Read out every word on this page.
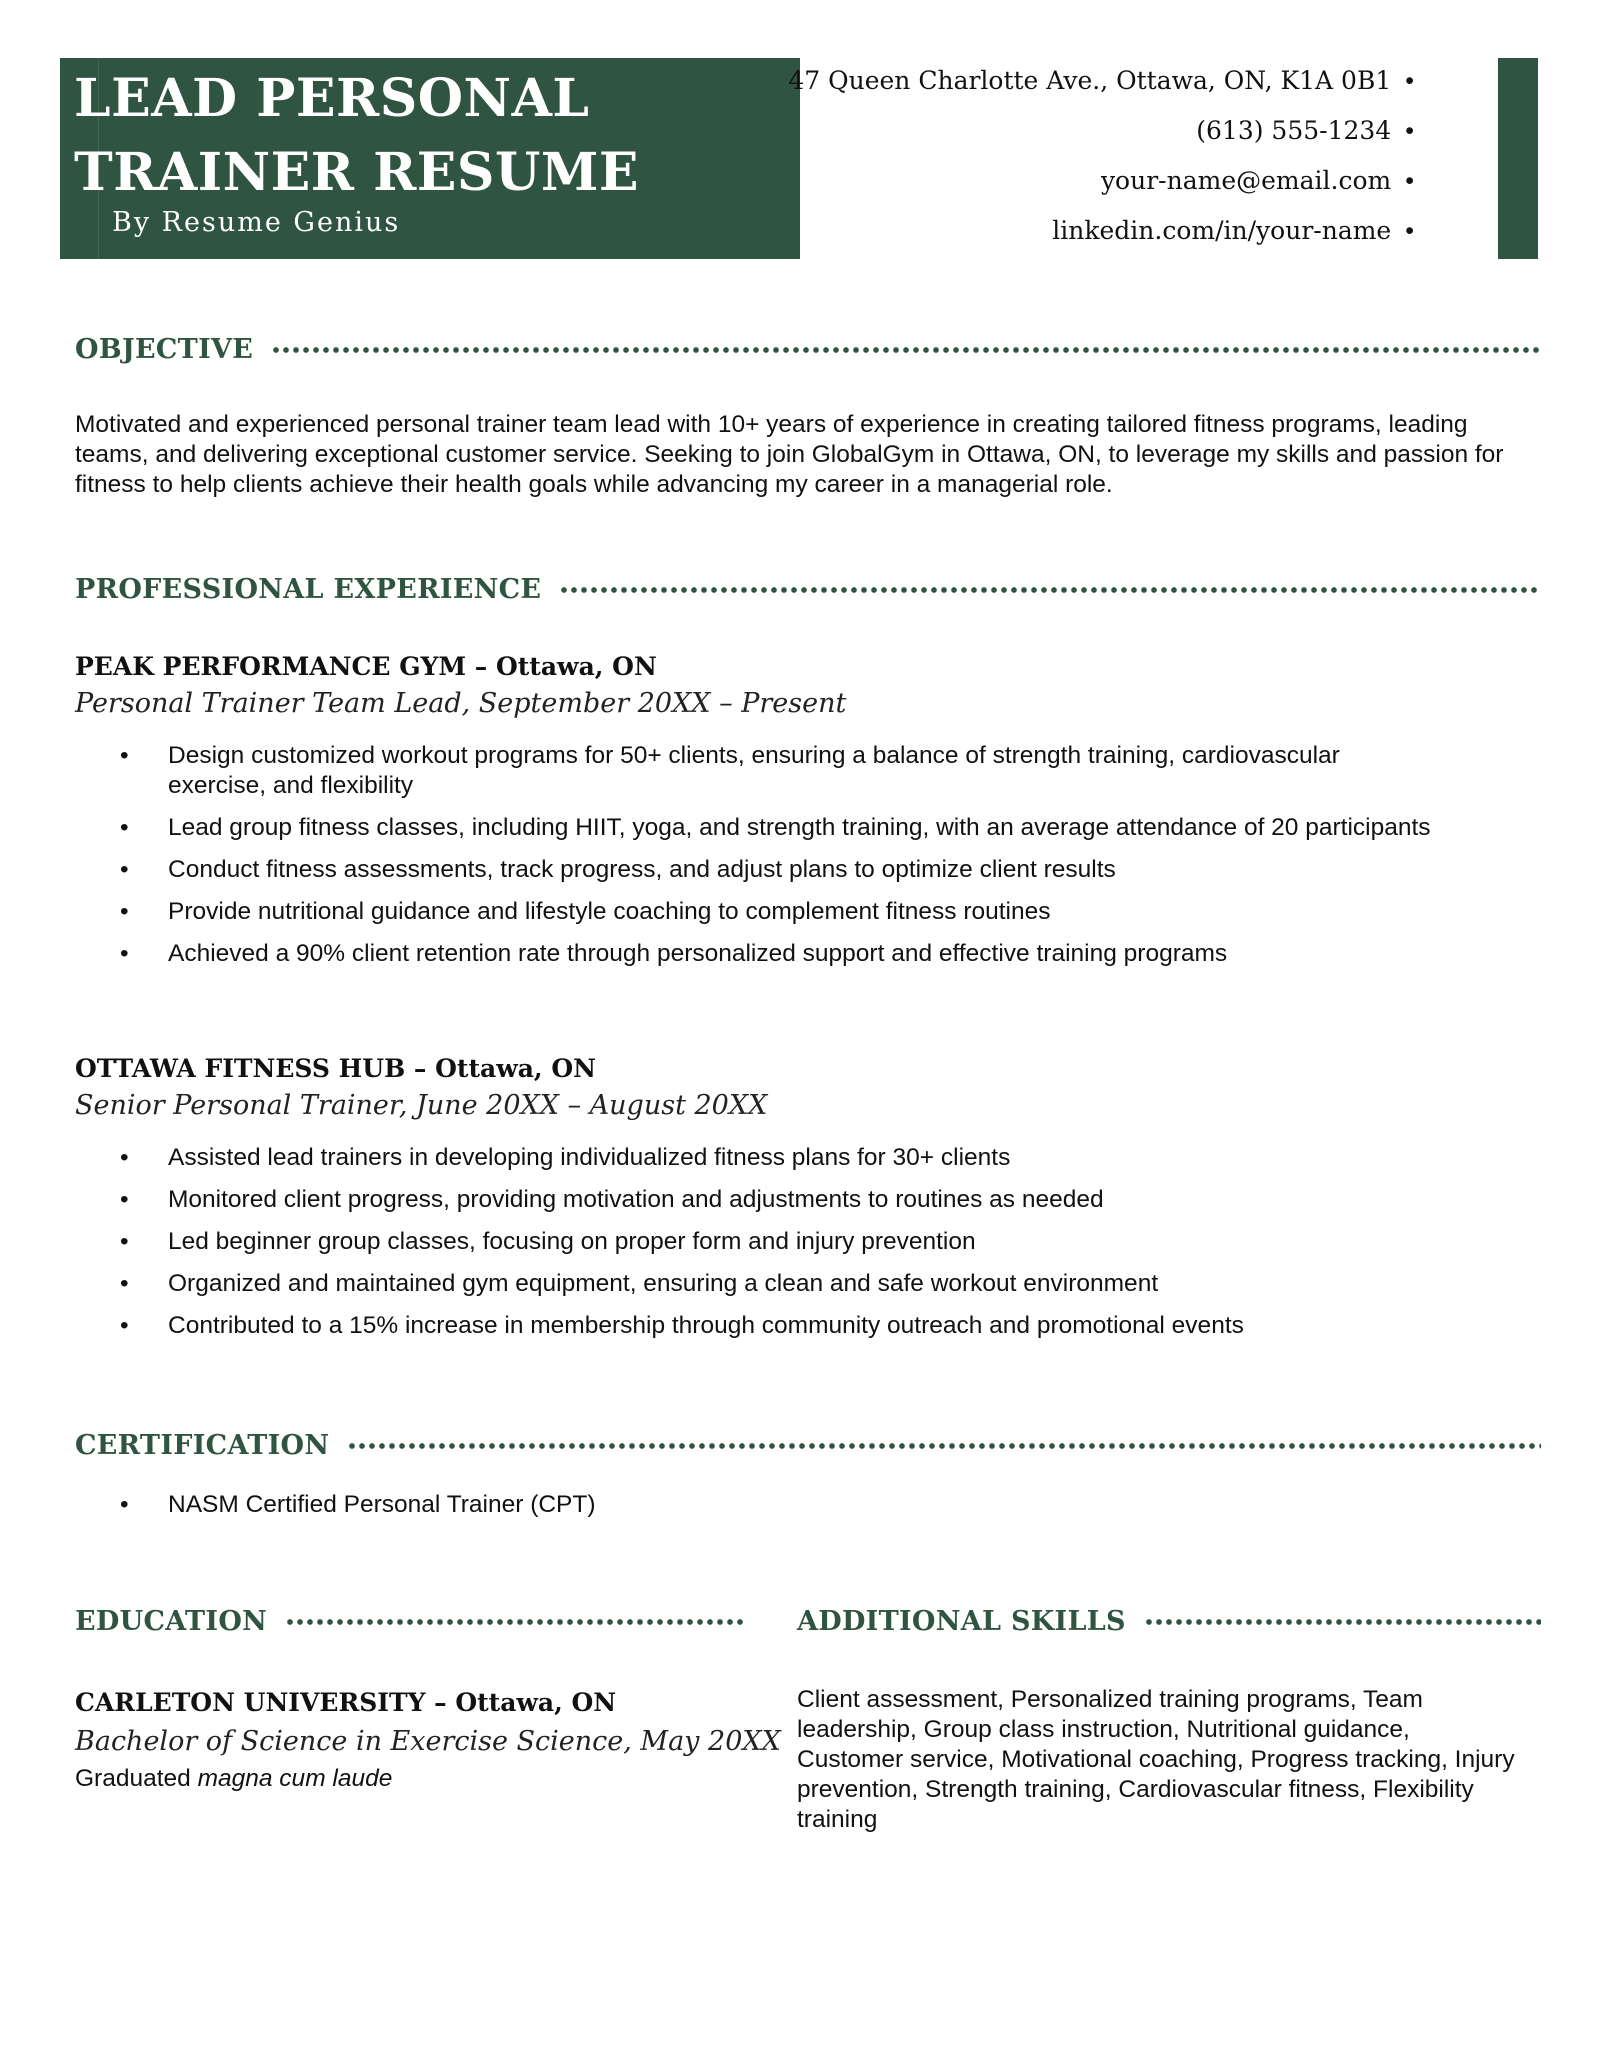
LEAD PERSONAL
TRAINER RESUME
By Resume Genius
47 Queen Charlotte Ave., Ottawa, ON, K1A 0B1 •
(613) 555-1234 •
your-name@email.com •
linkedin.com/in/your-name •
OBJECTIVE
Motivated and experienced personal trainer team lead with 10+ years of experience in creating tailored fitness programs, leading teams, and delivering exceptional customer service. Seeking to join GlobalGym in Ottawa, ON, to leverage my skills and passion for fitness to help clients achieve their health goals while advancing my career in a managerial role.
PROFESSIONAL EXPERIENCE
PEAK PERFORMANCE GYM – Ottawa, ON
Personal Trainer Team Lead, September 20XX – Present
• Design customized workout programs for 50+ clients, ensuring a balance of strength training, cardiovascular exercise, and flexibility
• Lead group fitness classes, including HIIT, yoga, and strength training, with an average attendance of 20 participants
• Conduct fitness assessments, track progress, and adjust plans to optimize client results
• Provide nutritional guidance and lifestyle coaching to complement fitness routines
• Achieved a 90% client retention rate through personalized support and effective training programs
OTTAWA FITNESS HUB – Ottawa, ON
Senior Personal Trainer, June 20XX – August 20XX
• Assisted lead trainers in developing individualized fitness plans for 30+ clients
• Monitored client progress, providing motivation and adjustments to routines as needed
• Led beginner group classes, focusing on proper form and injury prevention
• Organized and maintained gym equipment, ensuring a clean and safe workout environment
• Contributed to a 15% increase in membership through community outreach and promotional events
CERTIFICATION
• NASM Certified Personal Trainer (CPT)
EDUCATION
CARLETON UNIVERSITY – Ottawa, ON
Bachelor of Science in Exercise Science, May 20XX
Graduated magna cum laude
ADDITIONAL SKILLS
Client assessment, Personalized training programs, Team leadership, Group class instruction, Nutritional guidance, Customer service, Motivational coaching, Progress tracking, Injury prevention, Strength training, Cardiovascular fitness, Flexibility training
